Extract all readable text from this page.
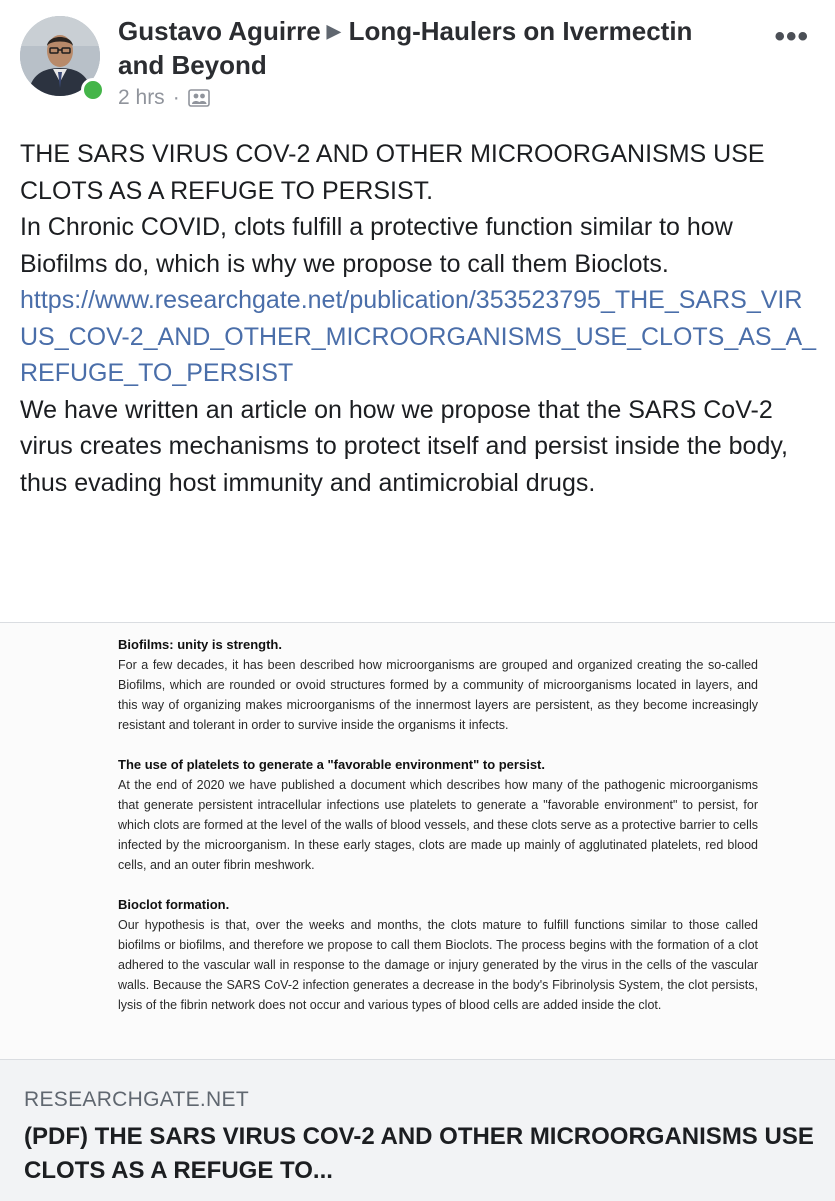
Gustavo Aguirre ▶ Long-Haulers on Ivermectin and Beyond
2 hrs ·
•••

THE SARS VIRUS COV-2 AND OTHER MICROORGANISMS USE CLOTS AS A REFUGE TO PERSIST.

In Chronic COVID, clots fulfill a protective function similar to how Biofilms do, which is why we propose to call them Bioclots.

https://www.researchgate.net/publication/353523795_THE_SARS_VIRUS_COV-2_AND_OTHER_MICROORGANISMS_USE_CLOTS_AS_A_REFUGE_TO_PERSIST

We have written an article on how we propose that the SARS CoV-2 virus creates mechanisms to protect itself and persist inside the body, thus evading host immunity and antimicrobial drugs.

Biofilms: unity is strength.

For a few decades, it has been described how microorganisms are grouped and organized creating the so-called Biofilms, which are rounded or ovoid structures formed by a community of microorganisms located in layers, and this way of organizing makes microorganisms of the innermost layers are persistent, as they become increasingly resistant and tolerant in order to survive inside the organisms it infects.

The use of platelets to generate a "favorable environment" to persist.

At the end of 2020 we have published a document which describes how many of the pathogenic microorganisms that generate persistent intracellular infections use platelets to generate a "favorable environment" to persist, for which clots are formed at the level of the walls of blood vessels, and these clots serve as a protective barrier to cells infected by the microorganism. In these early stages, clots are made up mainly of agglutinated platelets, red blood cells, and an outer fibrin meshwork.

Bioclot formation.

Our hypothesis is that, over the weeks and months, the clots mature to fulfill functions similar to those called biofilms or biofilms, and therefore we propose to call them Bioclots. The process begins with the formation of a clot adhered to the vascular wall in response to the damage or injury generated by the virus in the cells of the vascular walls. Because the SARS CoV-2 infection generates a decrease in the body's Fibrinolysis System, the clot persists, lysis of the fibrin network does not occur and various types of blood cells are added inside the clot.

RESEARCHGATE.NET
(PDF) THE SARS VIRUS COV-2 AND OTHER MICROORGANISMS USE CLOTS AS A REFUGE TO...
